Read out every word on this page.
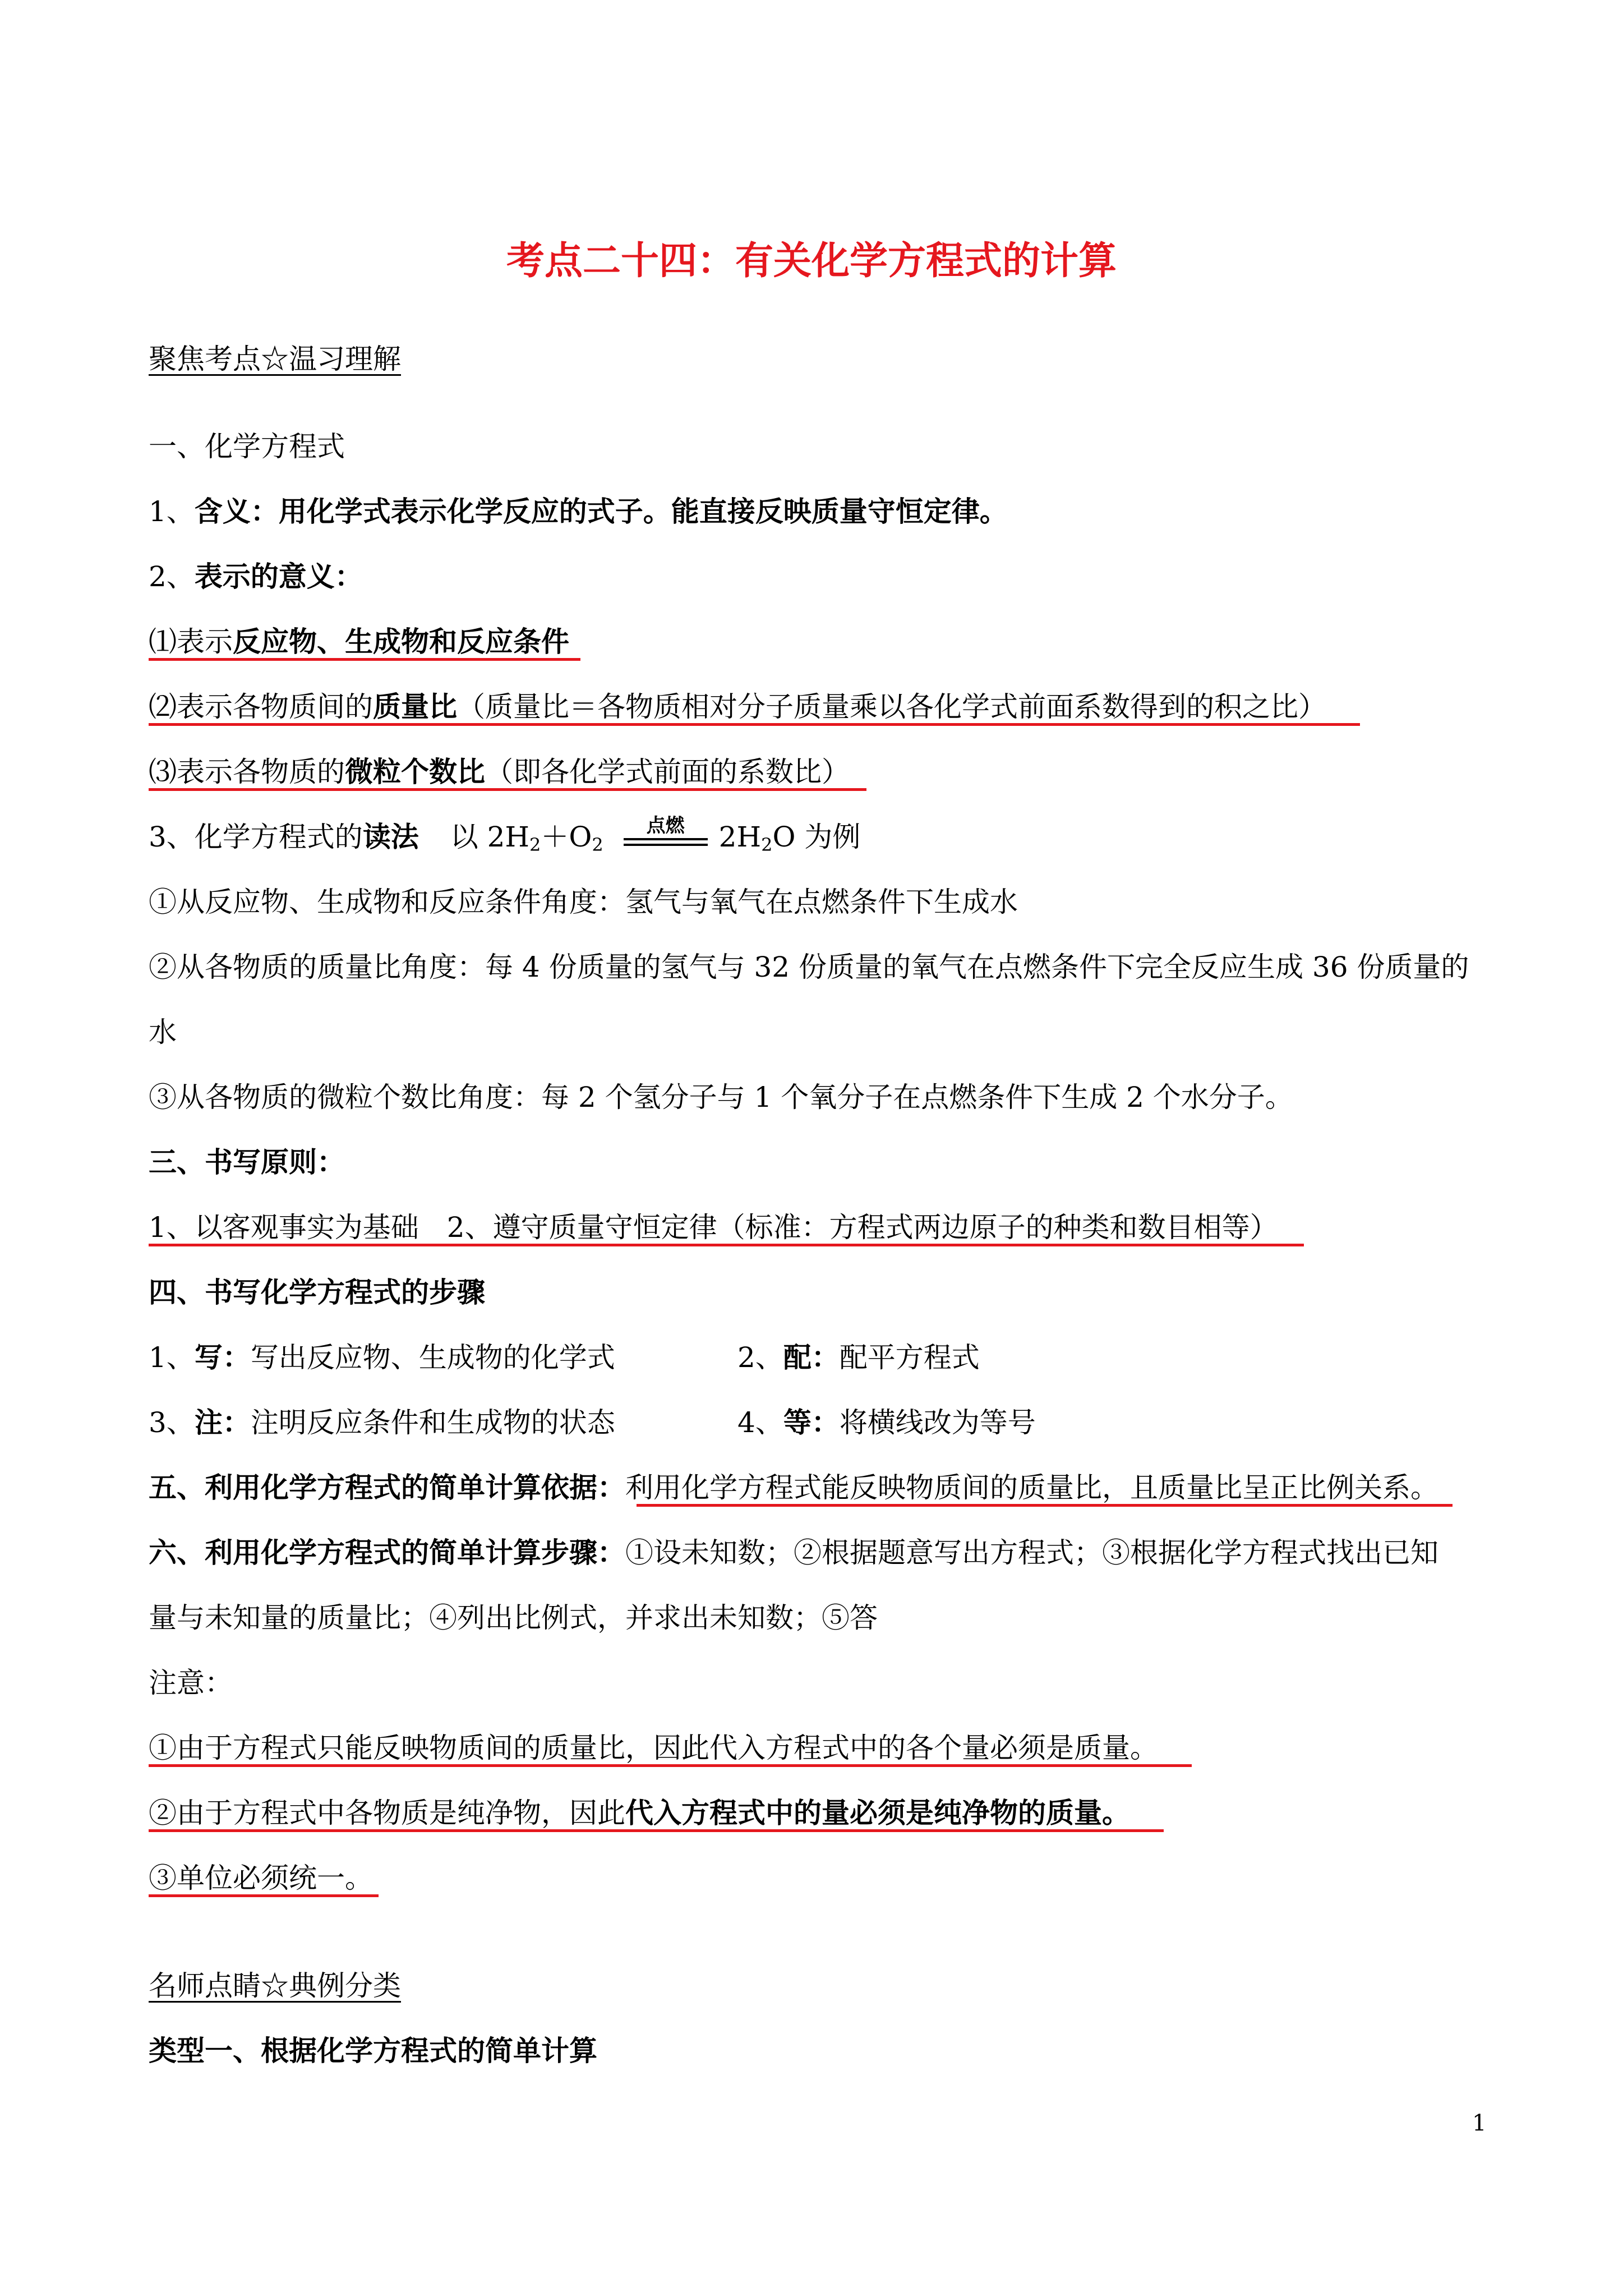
考点二十四：有关化学方程式的计算
聚焦考点☆温习理解
一、化学方程式
1、含义：用化学式表示化学反应的式子。能直接反映质量守恒定律。
2、表示的意义：
⑴表示反应物、生成物和反应条件
⑵表示各物质间的质量比（质量比＝各物质相对分子质量乘以各化学式前面系数得到的积之比）
⑶表示各物质的微粒个数比（即各化学式前面的系数比）
3、化学方程式的读法 以 $2H_2+O_2$
点燃	$2H_2O$ 为例
①从反应物、生成物和反应条件角度：氢气与氧气在点燃条件下生成水
②从各物质的质量比角度：每 4 份质量的氢气与 32 份质量的氧气在点燃条件下完全反应生成 36 份质量的
水
③从各物质的微粒个数比角度：每 2 个氢分子与 1 个氧分子在点燃条件下生成 2 个水分子。
三、书写原则：
1、以客观事实为基础　2、遵守质量守恒定律（标准：方程式两边原子的种类和数目相等）
四、书写化学方程式的步骤
1、写：写出反应物、生成物的化学式	2、配：配平方程式
3、注：注明反应条件和生成物的状态	4、等：将横线改为等号
五、利用化学方程式的简单计算依据：利用化学方程式能反映物质间的质量比，且质量比呈正比例关系。
六、利用化学方程式的简单计算步骤：①设未知数；②根据题意写出方程式；③根据化学方程式找出已知
量与未知量的质量比；④列出比例式，并求出未知数；⑤答
注意：
①由于方程式只能反映物质间的质量比，因此代入方程式中的各个量必须是质量。
②由于方程式中各物质是纯净物，因此代入方程式中的量必须是纯净物的质量。
③单位必须统一。
名师点睛☆典例分类
类型一、根据化学方程式的简单计算
1
